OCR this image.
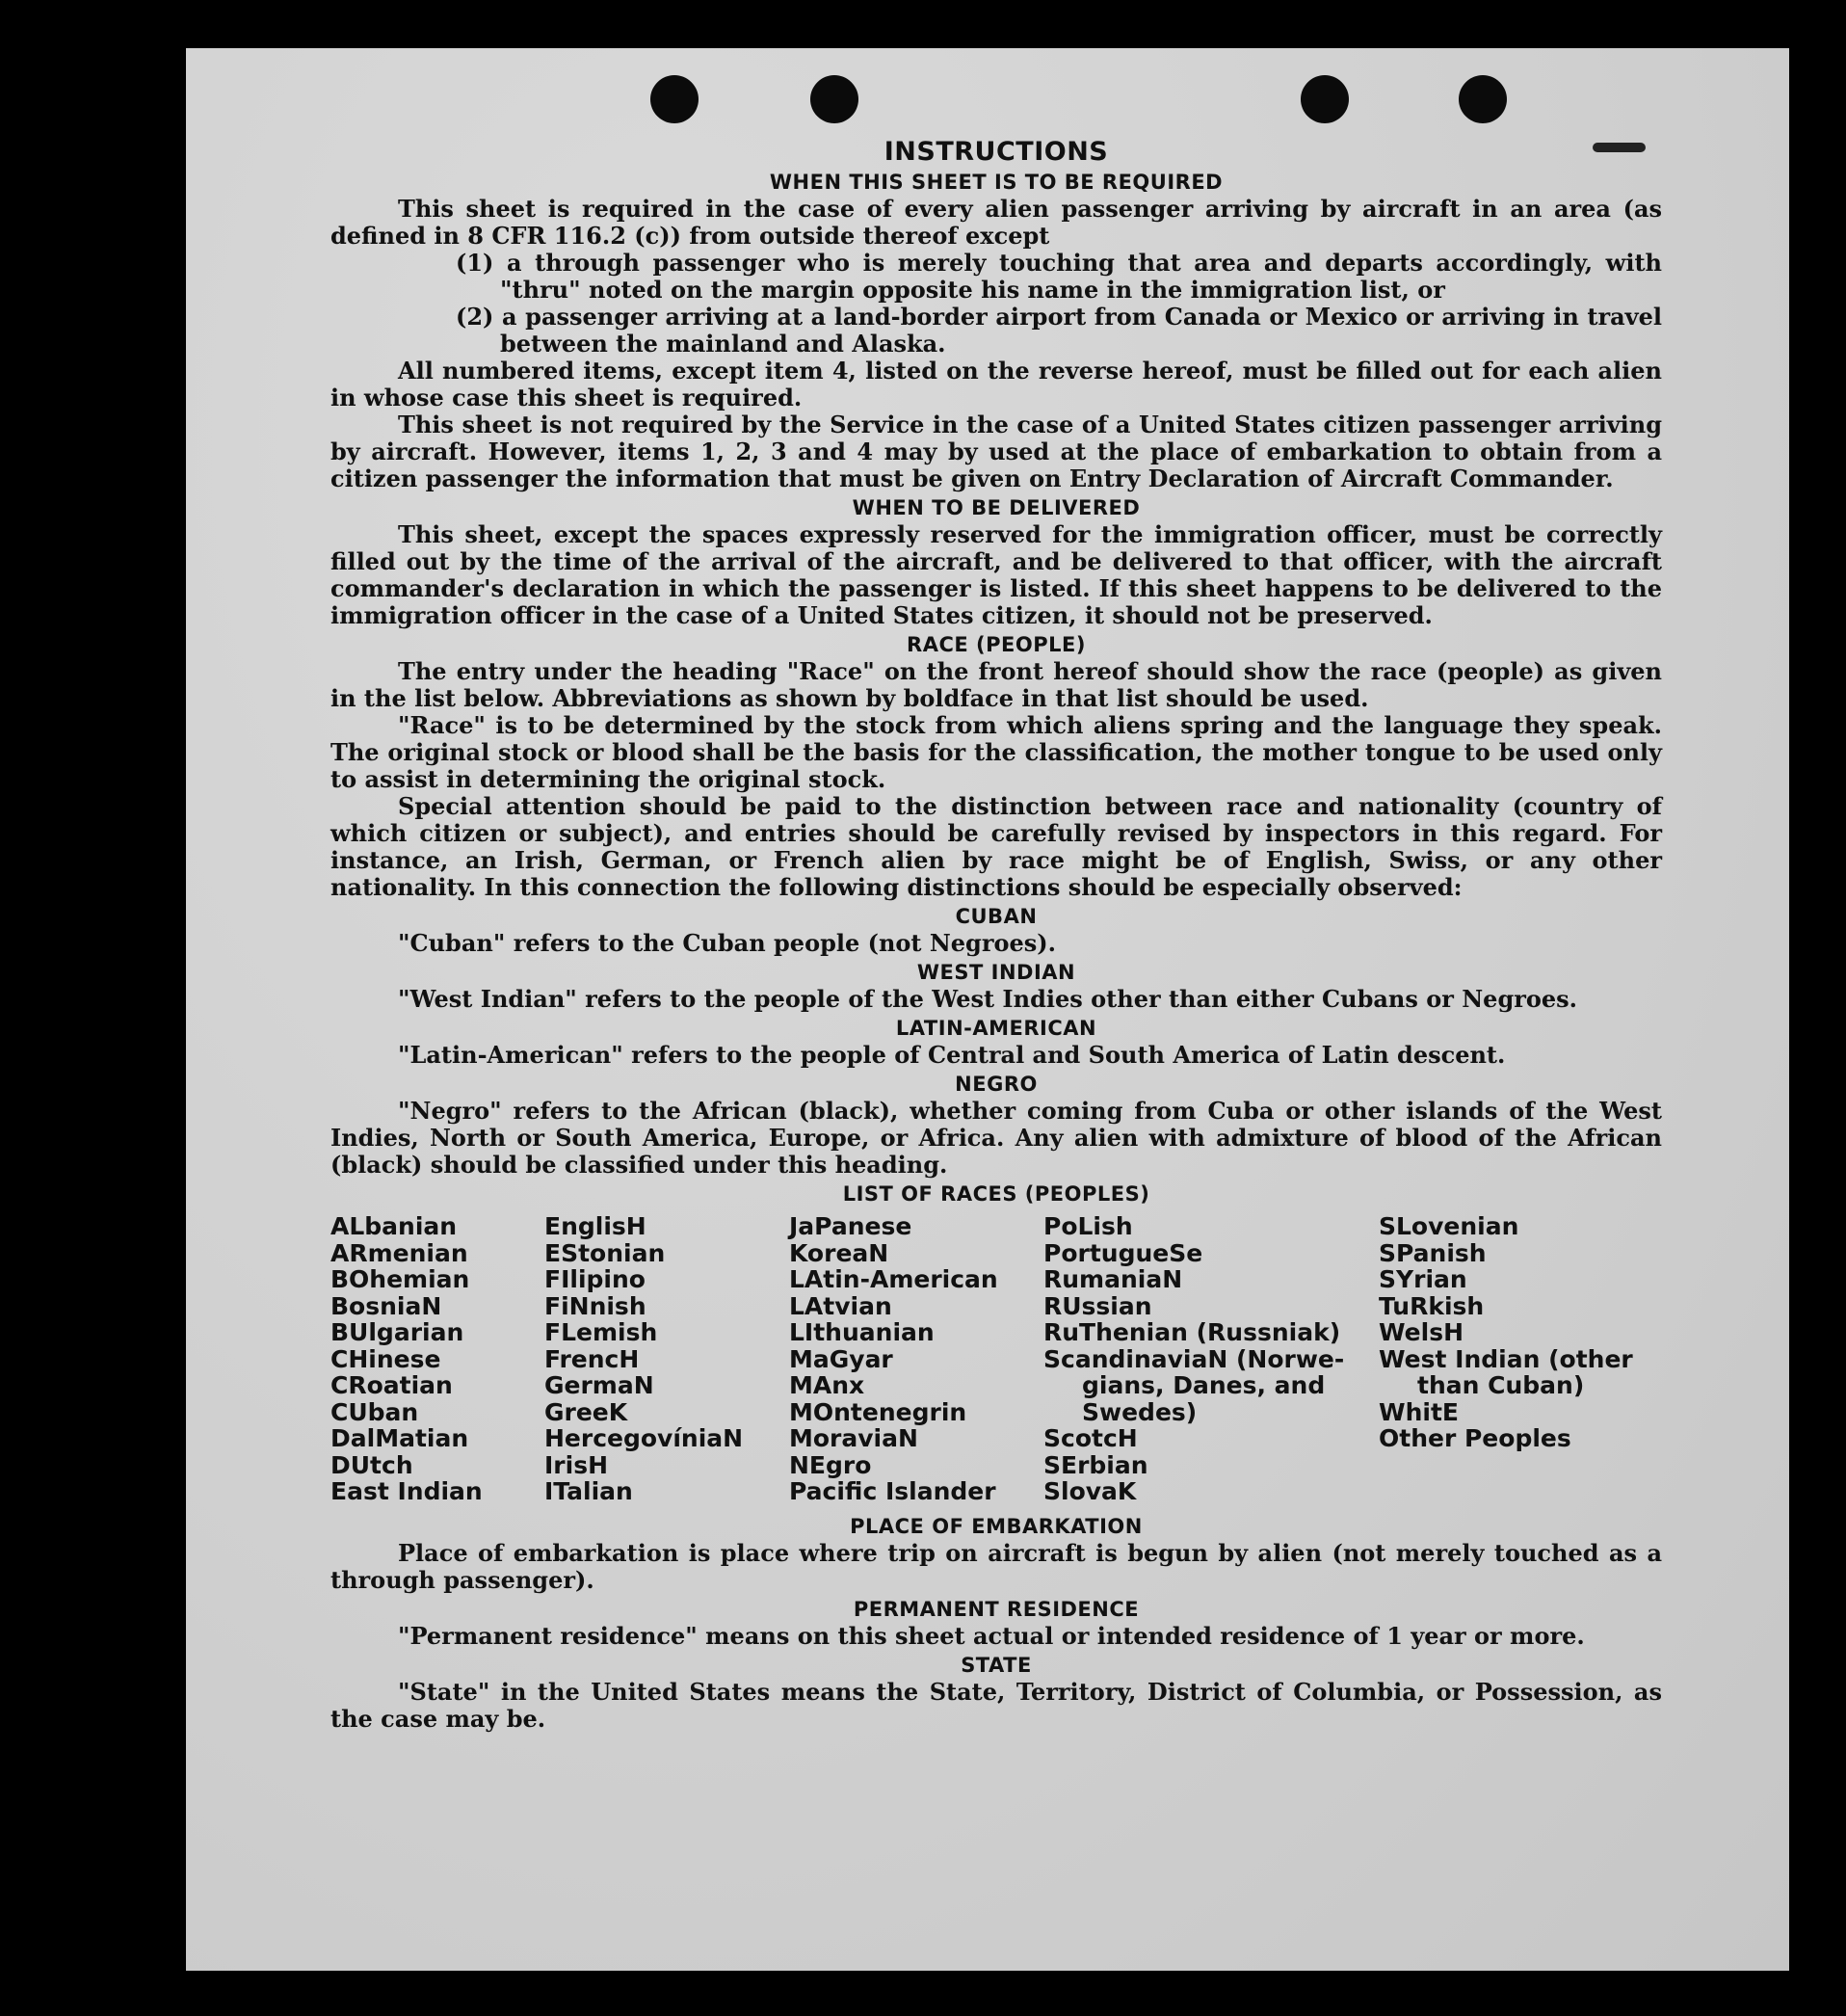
INSTRUCTIONS
WHEN THIS SHEET IS TO BE REQUIRED

This sheet is required in the case of every alien passenger arriving by aircraft in an area (as defined in 8 CFR 116.2 (c)) from outside thereof except

(1) a through passenger who is merely touching that area and departs accordingly, with "thru" noted on the margin opposite his name in the immigration list, or

(2) a passenger arriving at a land-border airport from Canada or Mexico or arriving in travel between the mainland and Alaska.

All numbered items, except item 4, listed on the reverse hereof, must be filled out for each alien in whose case this sheet is required.

This sheet is not required by the Service in the case of a United States citizen passenger arriving by aircraft. However, items 1, 2, 3 and 4 may by used at the place of embarkation to obtain from a citizen passenger the information that must be given on Entry Declaration of Aircraft Commander.

WHEN TO BE DELIVERED

This sheet, except the spaces expressly reserved for the immigration officer, must be correctly filled out by the time of the arrival of the aircraft, and be delivered to that officer, with the aircraft commander's declaration in which the passenger is listed. If this sheet happens to be delivered to the immigration officer in the case of a United States citizen, it should not be preserved.

RACE (PEOPLE)

The entry under the heading "Race" on the front hereof should show the race (people) as given in the list below. Abbreviations as shown by boldface in that list should be used.

"Race" is to be determined by the stock from which aliens spring and the language they speak. The original stock or blood shall be the basis for the classification, the mother tongue to be used only to assist in determining the original stock.

Special attention should be paid to the distinction between race and nationality (country of which citizen or subject), and entries should be carefully revised by inspectors in this regard. For instance, an Irish, German, or French alien by race might be of English, Swiss, or any other nationality. In this connection the following distinctions should be especially observed:

CUBAN

"Cuban" refers to the Cuban people (not Negroes).

WEST INDIAN

"West Indian" refers to the people of the West Indies other than either Cubans or Negroes.

LATIN-AMERICAN

"Latin-American" refers to the people of Central and South America of Latin descent.

NEGRO

"Negro" refers to the African (black), whether coming from Cuba or other islands of the West Indies, North or South America, Europe, or Africa. Any alien with admixture of blood of the African (black) should be classified under this heading.

LIST OF RACES (PEOPLES)
ALbanian
ARmenian
BOhemian
BosniaN
BUlgarian
CHinese
CRoatian
CUban
DalMatian
DUtch
East Indian
EnglisH
EStonian
FIlipino
FiNnish
FLemish
FrencH
GermaN
GreeK
HercegovíniaN
IrisH
ITalian
JaPanese
KoreaN
LAtin-American
LAtvian
LIthuanian
MaGyar
MAnx
MOntenegrin
MoraviaN
NEgro
Pacific Islander
PoLish
PortugueSe
RumaniaN
RUssian
RuThenian (Russniak)
ScandinaviaN (Norwe-
gians, Danes, and
Swedes)
ScotcH
SErbian
SlovaK
SLovenian
SPanish
SYrian
TuRkish
WelsH
West Indian (other
than Cuban)
WhitE
Other Peoples
PLACE OF EMBARKATION

Place of embarkation is place where trip on aircraft is begun by alien (not merely touched as a through passenger).

PERMANENT RESIDENCE

"Permanent residence" means on this sheet actual or intended residence of 1 year or more.

STATE

"State" in the United States means the State, Territory, District of Columbia, or Possession, as the case may be.
